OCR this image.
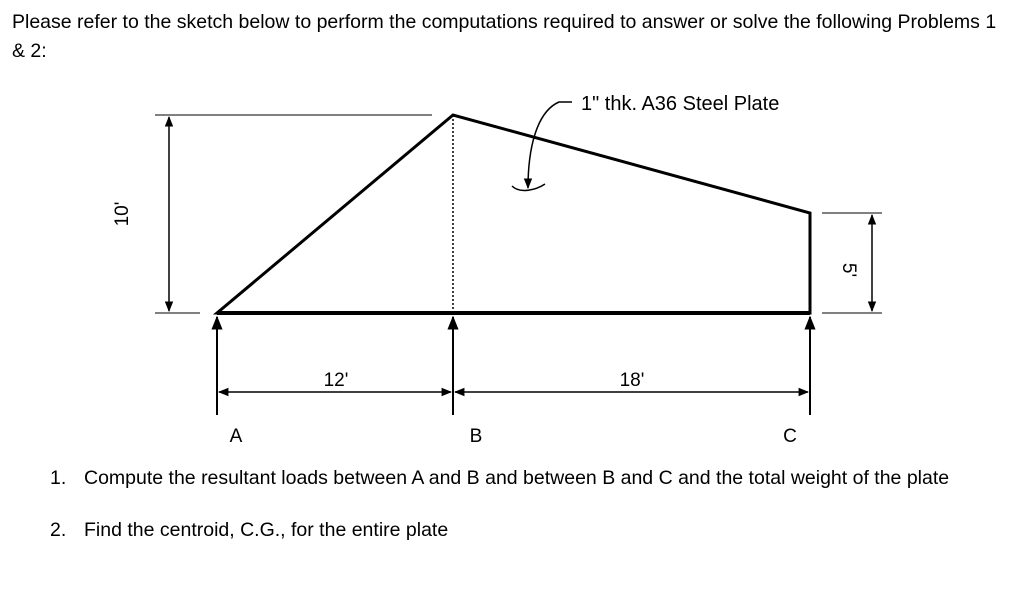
Please refer to the sketch below to perform the computations required to answer or solve the following Problems 1 & 2:

10'
5'
12'	18'
A	B	C
1" thk. A36 Steel Plate
1. Compute the resultant loads between A and B and between B and C and the total weight of the plate
2. Find the centroid, C.G., for the entire plate
